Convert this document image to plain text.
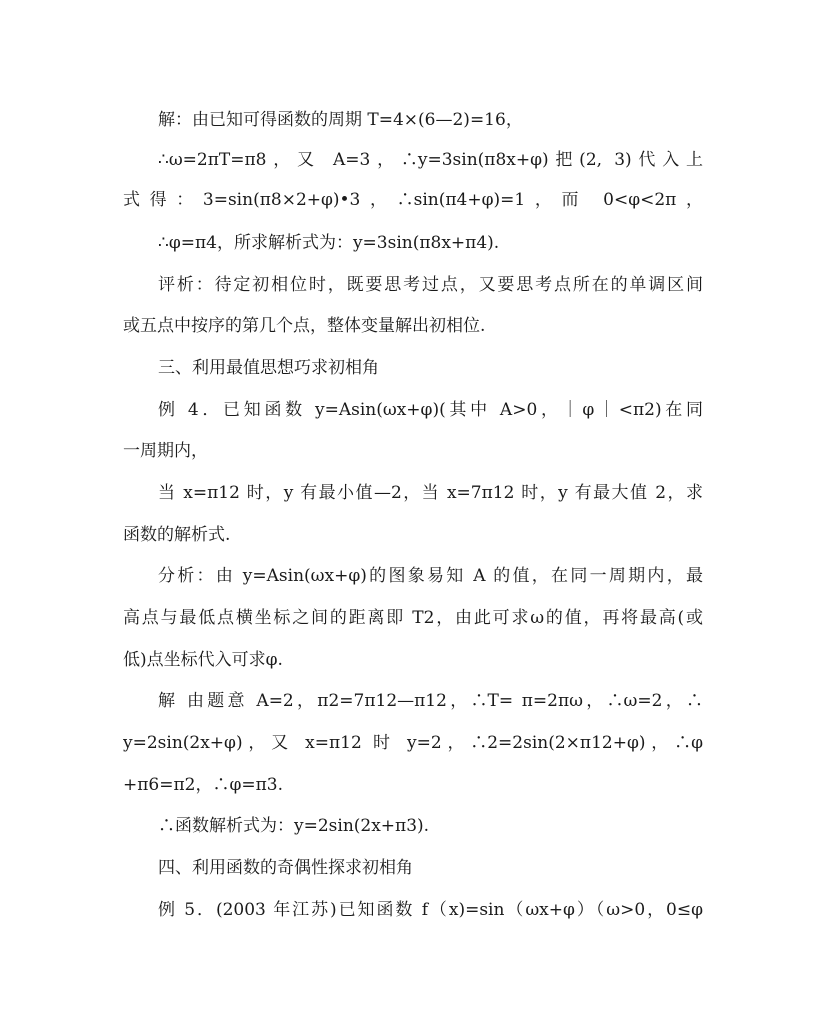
解：由已知可得函数的周期 T=4×(6—2)=16，
∴ω=2πT=π8，又 A=3，∴y=3sin(π8x+φ)把(2, 3)代入上
式得：3=sin(π8×2+φ)•3，∴sin(π4+φ)=1，而 0<φ<2π，
∴φ=π4，所求解析式为：y=3sin(π8x+π4).
评析：待定初相位时，既要思考过点，又要思考点所在的单调区间
或五点中按序的第几个点，整体变量解出初相位.
三、利用最值思想巧求初相角
例 4．已知函数 y=Asin(ωx+φ)(其中 A>0，｜φ｜<π2)在同
一周期内，
当 x=π12 时，y 有最小值—2，当 x=7π12 时，y 有最大值 2，求
函数的解析式.
分析：由 y=Asin(ωx+φ)的图象易知 A 的值，在同一周期内，最
高点与最低点横坐标之间的距离即 T2，由此可求ω的值，再将最高(或
低)点坐标代入可求φ.
解 由题意 A=2，π2=7π12—π12，∴T= π=2πω，∴ω=2，∴
y=2sin(2x+φ)，又 x=π12 时 y=2，∴2=2sin(2×π12+φ)，∴φ
+π6=π2，∴φ=π3.
∴函数解析式为：y=2sin(2x+π3).
四、利用函数的奇偶性探求初相角
例 5．(2003 年江苏)已知函数 f（x)=sin（ωx+φ）（ω>0，0≤φ
